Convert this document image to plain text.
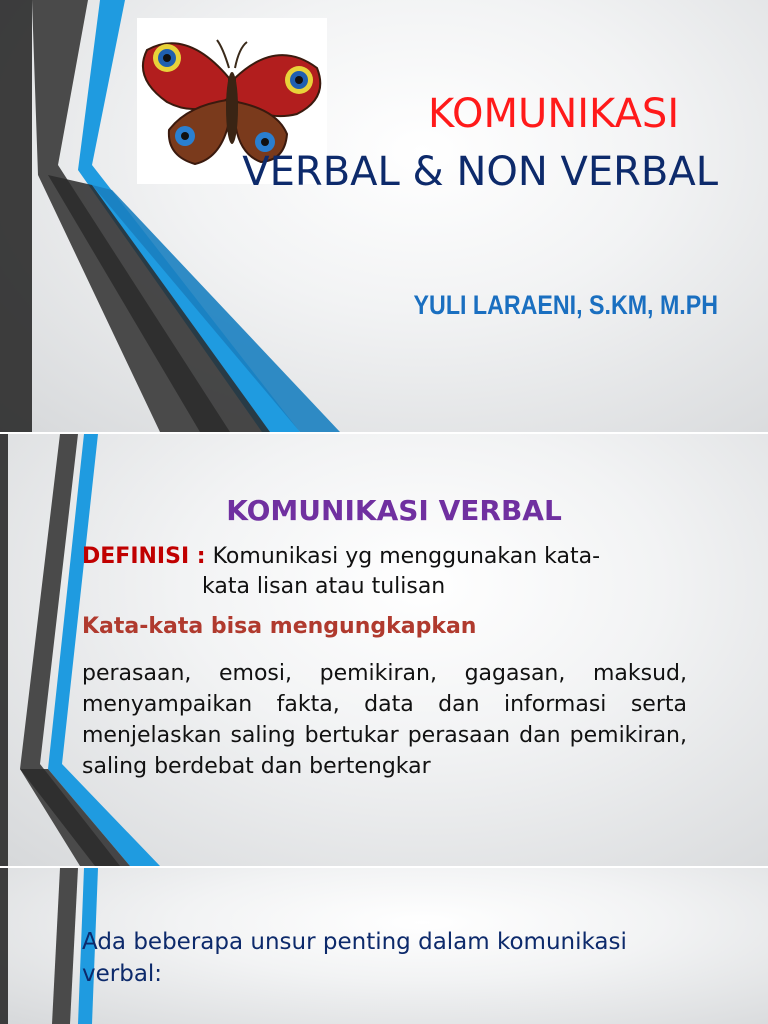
KOMUNIKASI
VERBAL & NON VERBAL
YULI LARAENI, S.KM, M.PH
KOMUNIKASI VERBAL
DEFINISI : Komunikasi yg menggunakan kata-
kata lisan atau tulisan
Kata-kata bisa mengungkapkan
perasaan, emosi, pemikiran, gagasan, maksud, menyampaikan fakta, data dan informasi serta menjelaskan saling bertukar perasaan dan pemikiran, saling berdebat dan bertengkar
Ada beberapa unsur penting dalam komunikasi verbal:
